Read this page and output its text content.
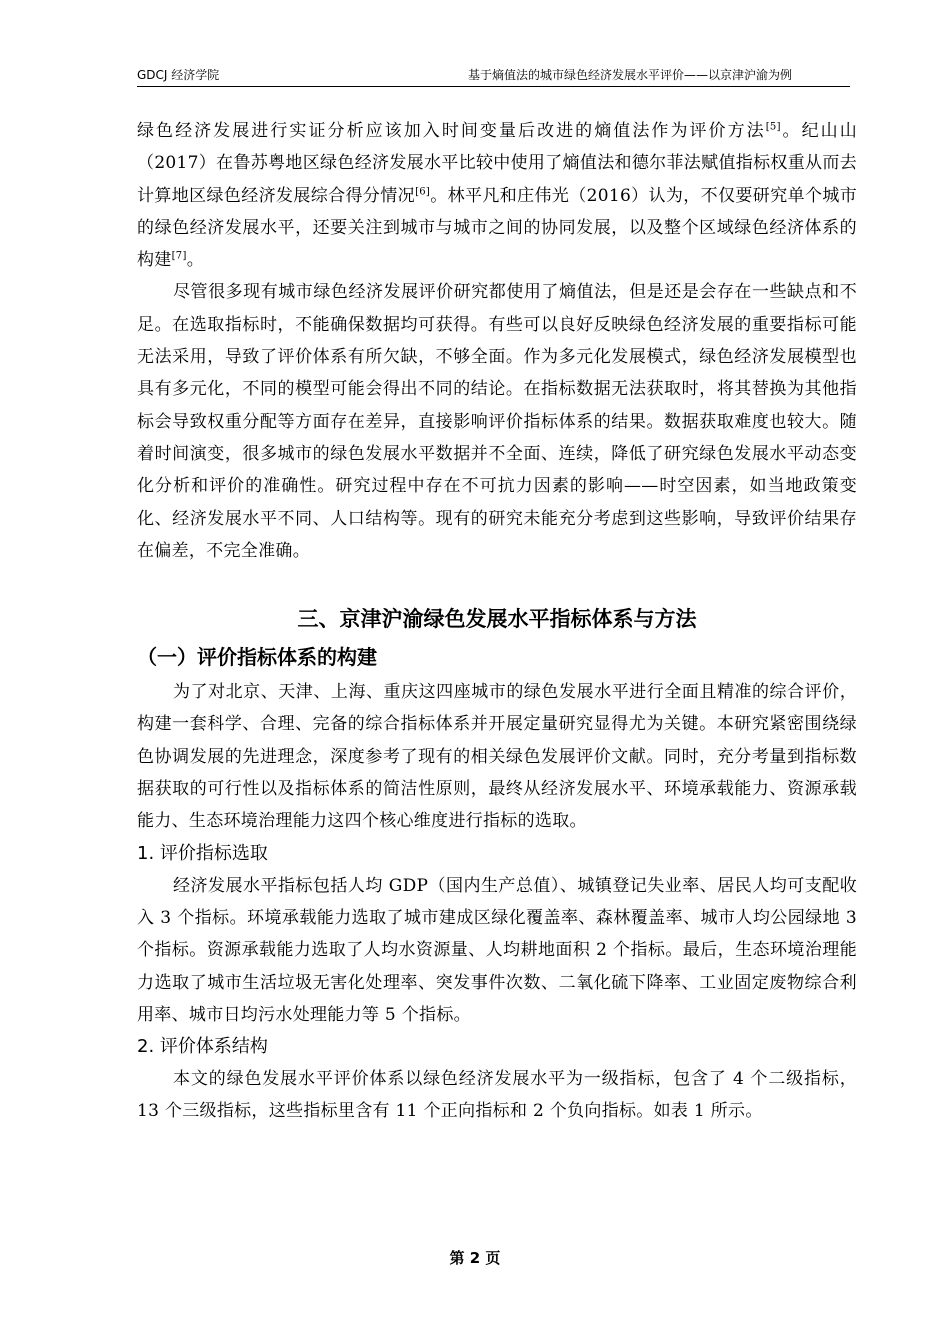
GDCJ 经济学院	基于熵值法的城市绿色经济发展水平评价——以京津沪渝为例

绿色经济发展进行实证分析应该加入时间变量后改进的熵值法作为评价方法[5]。纪山山（2017）在鲁苏粤地区绿色经济发展水平比较中使用了熵值法和德尔菲法赋值指标权重从而去计算地区绿色经济发展综合得分情况[6]。林平凡和庄伟光（2016）认为，不仅要研究单个城市的绿色经济发展水平，还要关注到城市与城市之间的协同发展，以及整个区域绿色经济体系的构建[7]。

尽管很多现有城市绿色经济发展评价研究都使用了熵值法，但是还是会存在一些缺点和不足。在选取指标时，不能确保数据均可获得。有些可以良好反映绿色经济发展的重要指标可能无法采用，导致了评价体系有所欠缺，不够全面。作为多元化发展模式，绿色经济发展模型也具有多元化，不同的模型可能会得出不同的结论。在指标数据无法获取时，将其替换为其他指标会导致权重分配等方面存在差异，直接影响评价指标体系的结果。数据获取难度也较大。随着时间演变，很多城市的绿色发展水平数据并不全面、连续，降低了研究绿色发展水平动态变化分析和评价的准确性。研究过程中存在不可抗力因素的影响——时空因素，如当地政策变化、经济发展水平不同、人口结构等。现有的研究未能充分考虑到这些影响，导致评价结果存在偏差，不完全准确。

三、京津沪渝绿色发展水平指标体系与方法
（一）评价指标体系的构建

为了对北京、天津、上海、重庆这四座城市的绿色发展水平进行全面且精准的综合评价，构建一套科学、合理、完备的综合指标体系并开展定量研究显得尤为关键。本研究紧密围绕绿色协调发展的先进理念，深度参考了现有的相关绿色发展评价文献。同时，充分考量到指标数据获取的可行性以及指标体系的简洁性原则，最终从经济发展水平、环境承载能力、资源承载能力、生态环境治理能力这四个核心维度进行指标的选取。

1. 评价指标选取

经济发展水平指标包括人均 GDP（国内生产总值）、城镇登记失业率、居民人均可支配收入 3 个指标。环境承载能力选取了城市建成区绿化覆盖率、森林覆盖率、城市人均公园绿地 3 个指标。资源承载能力选取了人均水资源量、人均耕地面积 2 个指标。最后，生态环境治理能力选取了城市生活垃圾无害化处理率、突发事件次数、二氧化硫下降率、工业固定废物综合利用率、城市日均污水处理能力等 5 个指标。

2. 评价体系结构

本文的绿色发展水平评价体系以绿色经济发展水平为一级指标，包含了 4 个二级指标，13 个三级指标，这些指标里含有 11 个正向指标和 2 个负向指标。如表 1 所示。

第 2 页
